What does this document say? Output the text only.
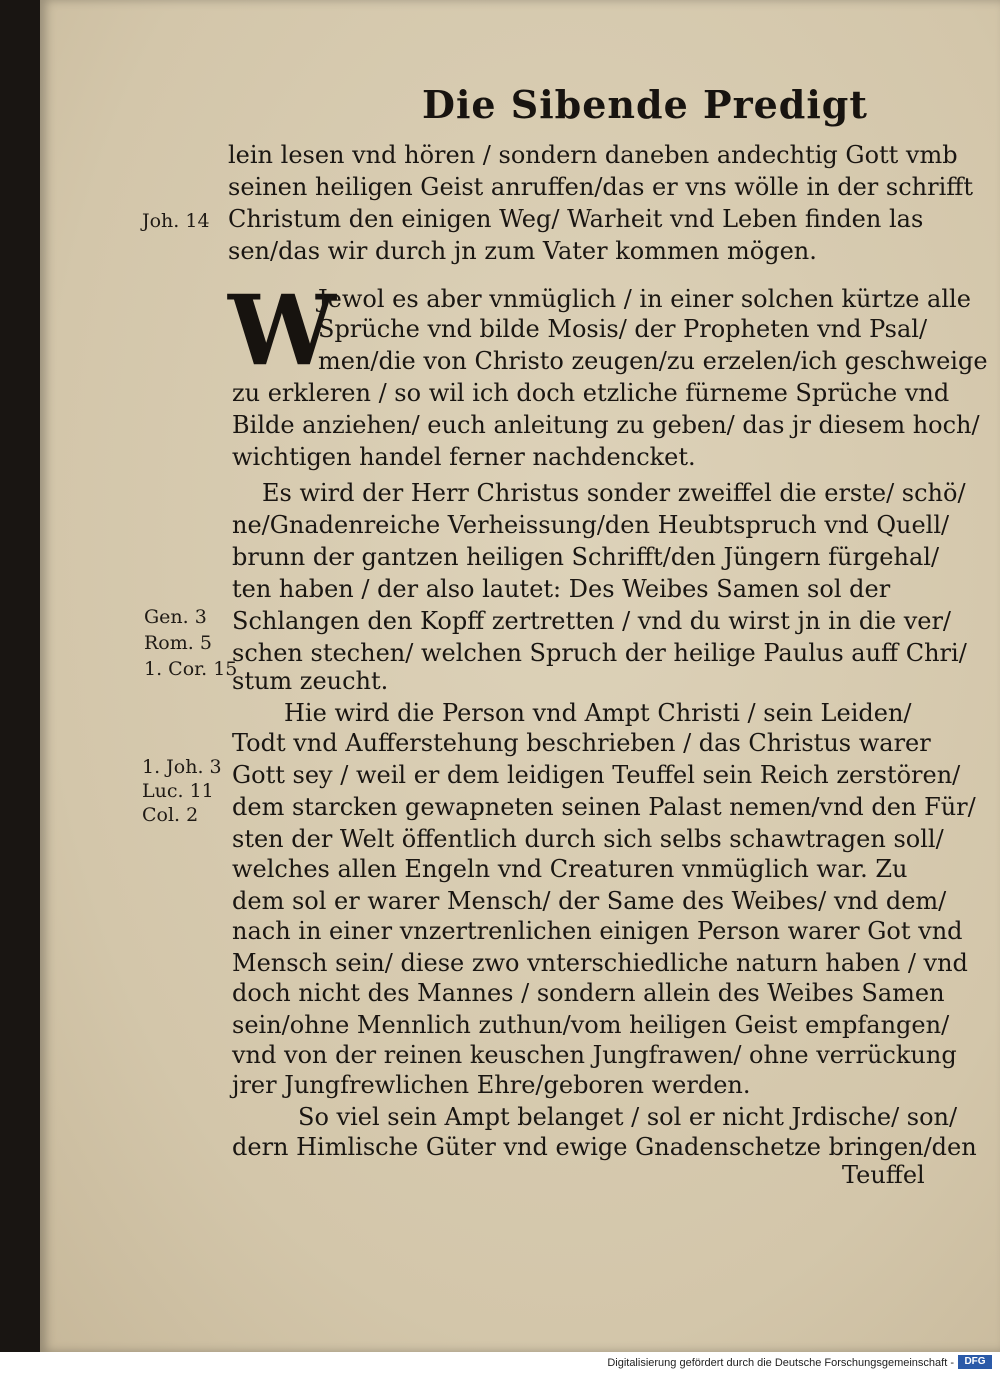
Die Sibende Predigt
W
lein lesen vnd hören / sondern daneben andechtig Gott vmb
seinen heiligen Geist anruffen/das er vns wölle in der schrifft
Christum den einigen Weg/ Warheit vnd Leben finden las
sen/das wir durch jn zum Vater kommen mögen.
Jewol es aber vnmüglich / in einer solchen kürtze alle
Sprüche vnd bilde Mosis/ der Propheten vnd Psal/
men/die von Christo zeugen/zu erzelen/ich geschweige
zu erkleren / so wil ich doch etzliche fürneme Sprüche vnd
Bilde anziehen/ euch anleitung zu geben/ das jr diesem hoch/
wichtigen handel ferner nachdencket.
Es wird der Herr Christus sonder zweiffel die erste/ schö/
ne/Gnadenreiche Verheissung/den Heubtspruch vnd Quell/
brunn der gantzen heiligen Schrifft/den Jüngern fürgehal/
ten haben / der also lautet: Des Weibes Samen sol der
Schlangen den Kopff zertretten / vnd du wirst jn in die ver/
schen stechen/ welchen Spruch der heilige Paulus auff Chri/
stum zeucht.
Hie wird die Person vnd Ampt Christi / sein Leiden/
Todt vnd Aufferstehung beschrieben / das Christus warer
Gott sey / weil er dem leidigen Teuffel sein Reich zerstören/
dem starcken gewapneten seinen Palast nemen/vnd den Für/
sten der Welt öffentlich durch sich selbs schawtragen soll/
welches allen Engeln vnd Creaturen vnmüglich war. Zu
dem sol er warer Mensch/ der Same des Weibes/ vnd dem/
nach in einer vnzertrenlichen einigen Person warer Got vnd
Mensch sein/ diese zwo vnterschiedliche naturn haben / vnd
doch nicht des Mannes / sondern allein des Weibes Samen
sein/ohne Mennlich zuthun/vom heiligen Geist empfangen/
vnd von der reinen keuschen Jungfrawen/ ohne verrückung
jrer Jungfrewlichen Ehre/geboren werden.
So viel sein Ampt belanget / sol er nicht Jrdische/ son/
dern Himlische Güter vnd ewige Gnadenschetze bringen/den
Teuffel
Joh. 14
Gen. 3
Rom. 5
1. Cor. 15
1. Joh. 3
Luc. 11
Col. 2
Digitalisierung gefördert durch die Deutsche Forschungsgemeinschaft -	DFG
